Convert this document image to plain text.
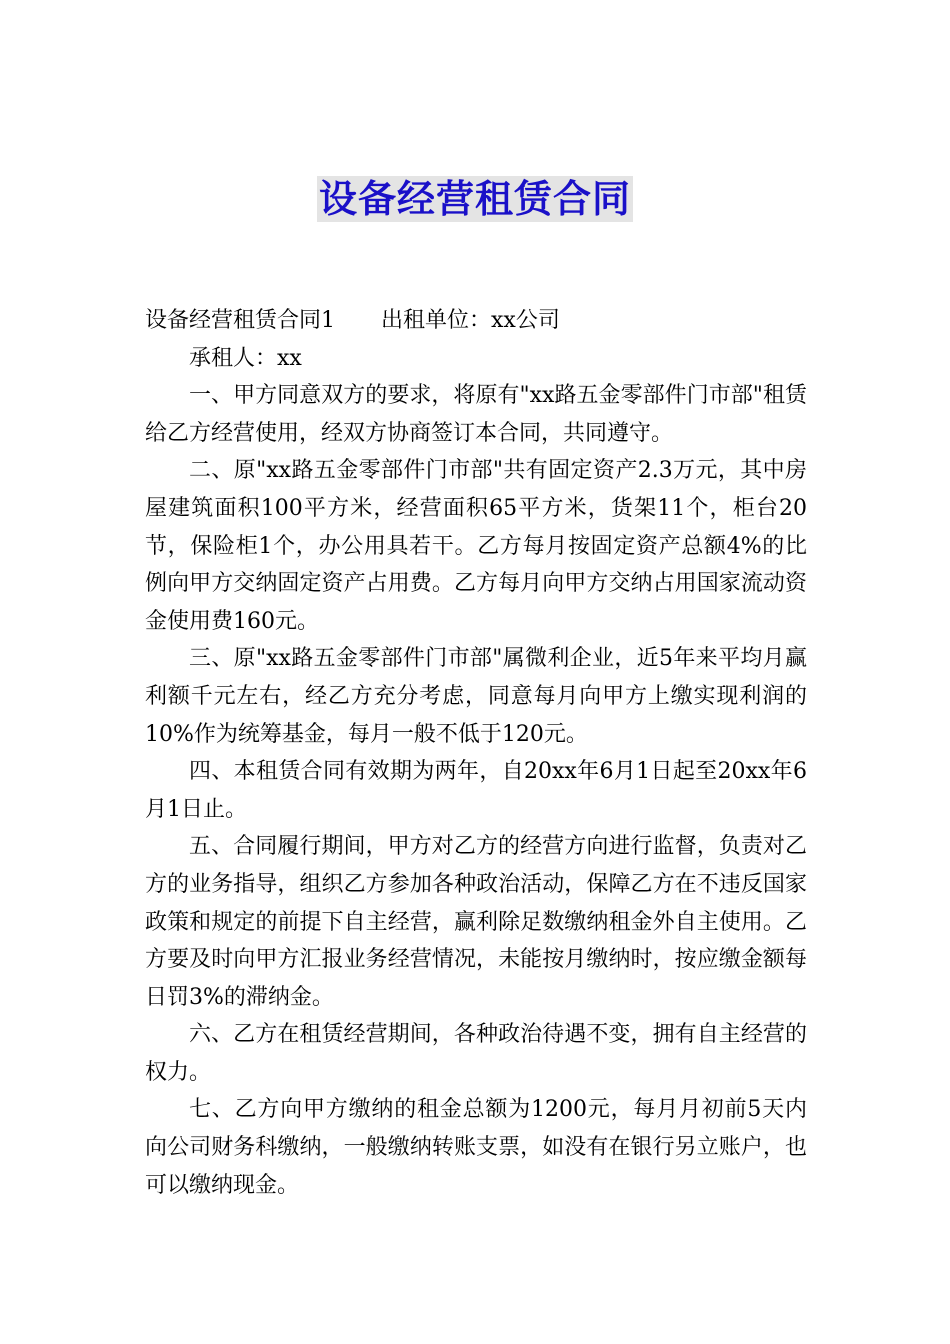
设备经营租赁合同

设备经营租赁合同1 出租单位：xx公司

承租人：xx

一、甲方同意双方的要求，将原有"xx路五金零部件门市部"租赁给乙方经营使用，经双方协商签订本合同，共同遵守。

二、原"xx路五金零部件门市部"共有固定资产2.3万元，其中房屋建筑面积100平方米，经营面积65平方米，货架11个，柜台20节，保险柜1个，办公用具若干。乙方每月按固定资产总额4%的比例向甲方交纳固定资产占用费。乙方每月向甲方交纳占用国家流动资金使用费160元。

三、原"xx路五金零部件门市部"属微利企业，近5年来平均月赢利额千元左右，经乙方充分考虑，同意每月向甲方上缴实现利润的10%作为统筹基金，每月一般不低于120元。

四、本租赁合同有效期为两年，自20xx年6月1日起至20xx年6月1日止。

五、合同履行期间，甲方对乙方的经营方向进行监督，负责对乙方的业务指导，组织乙方参加各种政治活动，保障乙方在不违反国家政策和规定的前提下自主经营，赢利除足数缴纳租金外自主使用。乙方要及时向甲方汇报业务经营情况，未能按月缴纳时，按应缴金额每日罚3%的滞纳金。

六、乙方在租赁经营期间，各种政治待遇不变，拥有自主经营的权力。

七、乙方向甲方缴纳的租金总额为1200元，每月月初前5天内向公司财务科缴纳，一般缴纳转账支票，如没有在银行另立账户，也可以缴纳现金。
